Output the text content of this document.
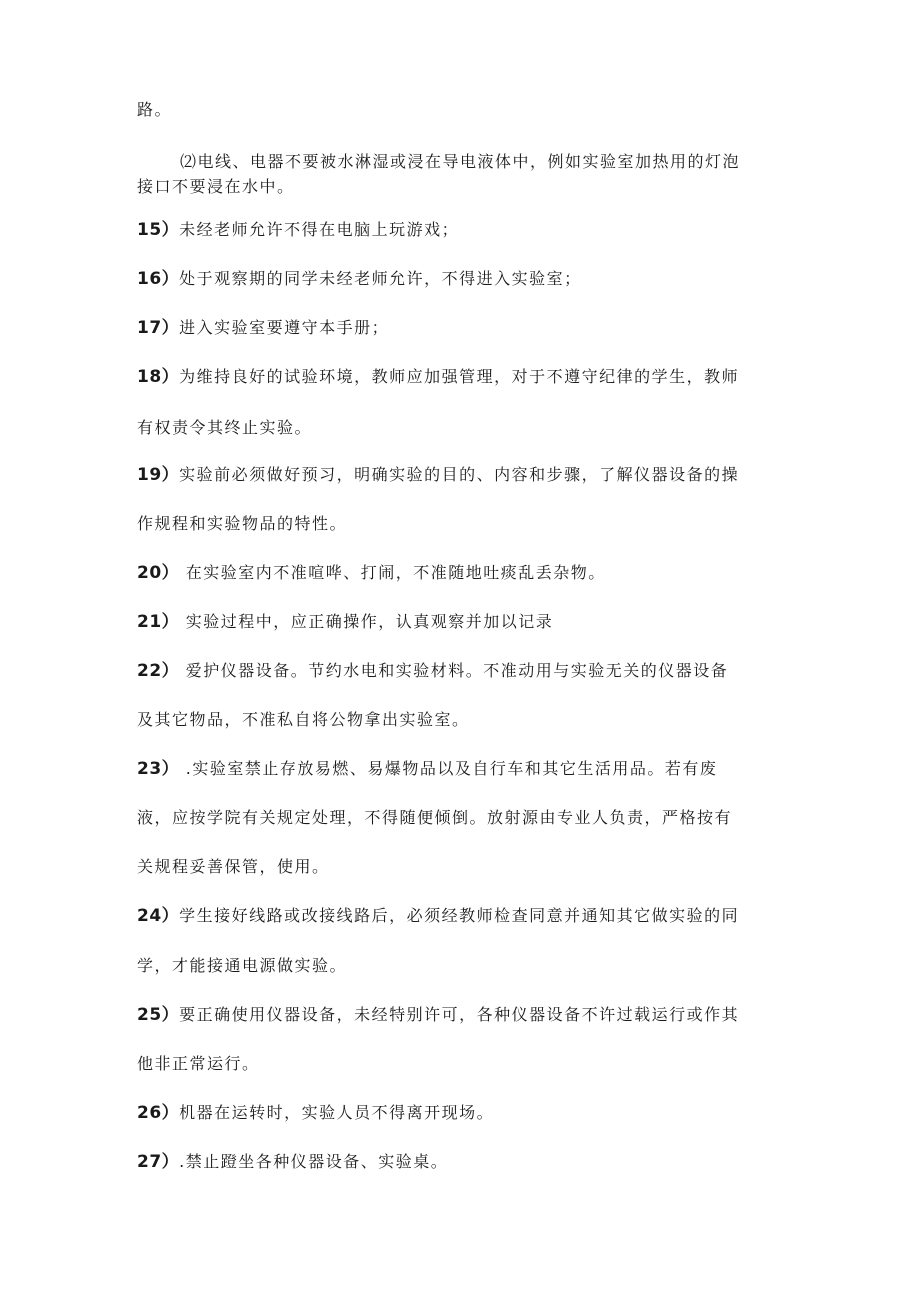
路。
⑵电线、电器不要被水淋湿或浸在导电液体中，例如实验室加热用的灯泡
接口不要浸在水中。
15）未经老师允许不得在电脑上玩游戏；
16）处于观察期的同学未经老师允许，不得进入实验室；
17）进入实验室要遵守本手册；
18）为维持良好的试验环境，教师应加强管理，对于不遵守纪律的学生，教师
有权责令其终止实验。
19）实验前必须做好预习，明确实验的目的、内容和步骤，了解仪器设备的操
作规程和实验物品的特性。
20） 在实验室内不准喧哗、打闹，不准随地吐痰乱丢杂物。
21） 实验过程中，应正确操作，认真观察并加以记录
22） 爱护仪器设备。节约水电和实验材料。不准动用与实验无关的仪器设备
及其它物品，不准私自将公物拿出实验室。
23） .实验室禁止存放易燃、易爆物品以及自行车和其它生活用品。若有废
液，应按学院有关规定处理，不得随便倾倒。放射源由专业人负责，严格按有
关规程妥善保管，使用。
24）学生接好线路或改接线路后，必须经教师检查同意并通知其它做实验的同
学，才能接通电源做实验。
25）要正确使用仪器设备，未经特别许可，各种仪器设备不许过载运行或作其
他非正常运行。
26）机器在运转时，实验人员不得离开现场。
27）.禁止蹬坐各种仪器设备、实验桌。
